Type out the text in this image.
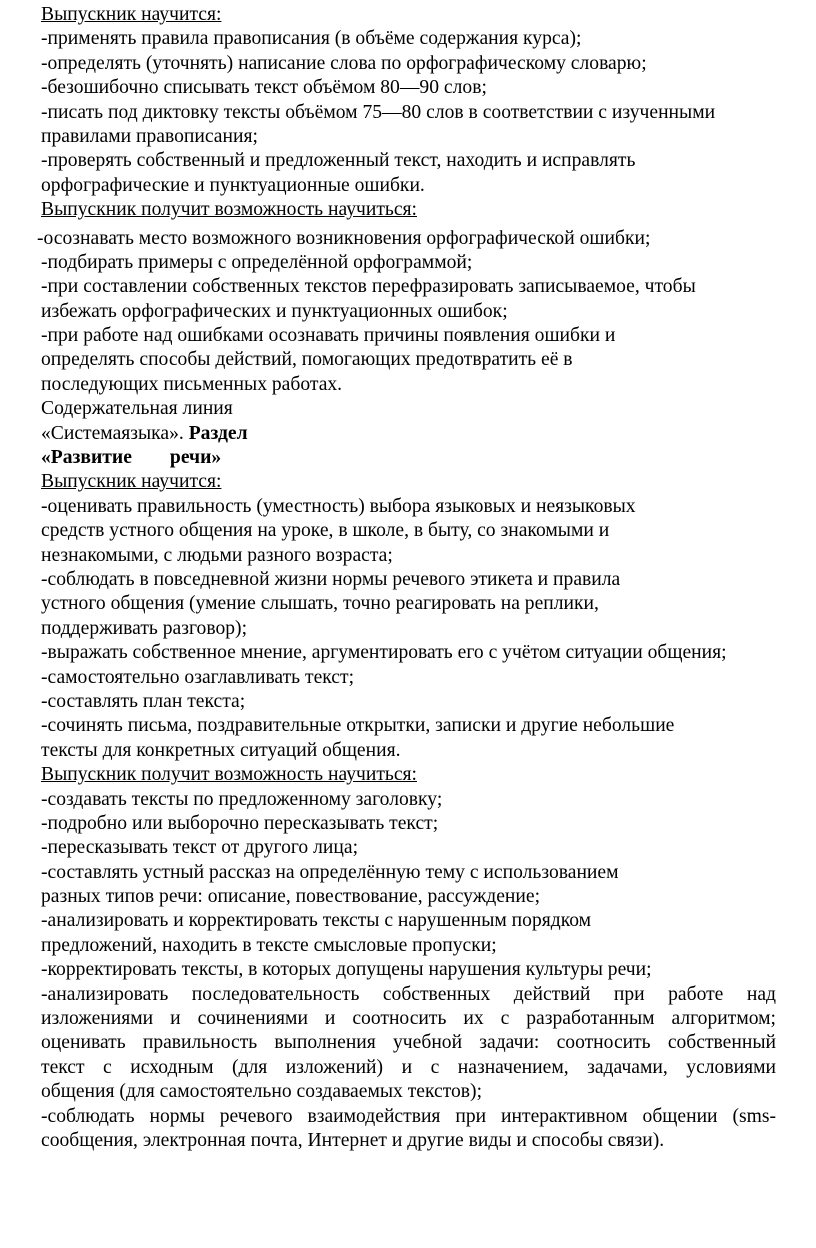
Выпускник научится:

-применять правила правописания (в объёме содержания курса);

-определять (уточнять) написание слова по орфографическому словарю;

-безошибочно списывать текст объёмом 80—90 слов;

-писать под диктовку тексты объёмом 75—80 слов в соответствии с изученными

правилами правописания;

-проверять собственный и предложенный текст, находить и исправлять

орфографические и пунктуационные ошибки.

Выпускник получит возможность научиться:

-осознавать место возможного возникновения орфографической ошибки;

-подбирать примеры с определённой орфограммой;

-при составлении собственных текстов перефразировать записываемое, чтобы

избежать орфографических и пунктуационных ошибок;

-при работе над ошибками осознавать причины появления ошибки и

определять способы действий, помогающих предотвратить её в

последующих письменных работах.

Содержательная линия

«Системаязыка». Раздел

«Развитие речи»

Выпускник научится:

-оценивать правильность (уместность) выбора языковых и неязыковых

средств устного общения на уроке, в школе, в быту, со знакомыми и

незнакомыми, с людьми разного возраста;

-соблюдать в повседневной жизни нормы речевого этикета и правила

устного общения (умение слышать, точно реагировать на реплики,

поддерживать разговор);

-выражать собственное мнение, аргументировать его с учётом ситуации общения;

-самостоятельно озаглавливать текст;

-составлять план текста;

-сочинять письма, поздравительные открытки, записки и другие небольшие

тексты для конкретных ситуаций общения.

Выпускник получит возможность научиться:

-создавать тексты по предложенному заголовку;

-подробно или выборочно пересказывать текст;

-пересказывать текст от другого лица;

-составлять устный рассказ на определённую тему с использованием

разных типов речи: описание, повествование, рассуждение;

-анализировать и корректировать тексты с нарушенным порядком

предложений, находить в тексте смысловые пропуски;

-корректировать тексты, в которых допущены нарушения культуры речи;

-анализировать последовательность собственных действий при работе над

изложениями и сочинениями и соотносить их с разработанным алгоритмом;

оценивать правильность выполнения учебной задачи: соотносить собственный

текст с исходным (для изложений) и с назначением, задачами, условиями

общения (для самостоятельно создаваемых текстов);

-соблюдать нормы речевого взаимодействия при интерактивном общении (sms-

сообщения, электронная почта, Интернет и другие виды и способы связи).
